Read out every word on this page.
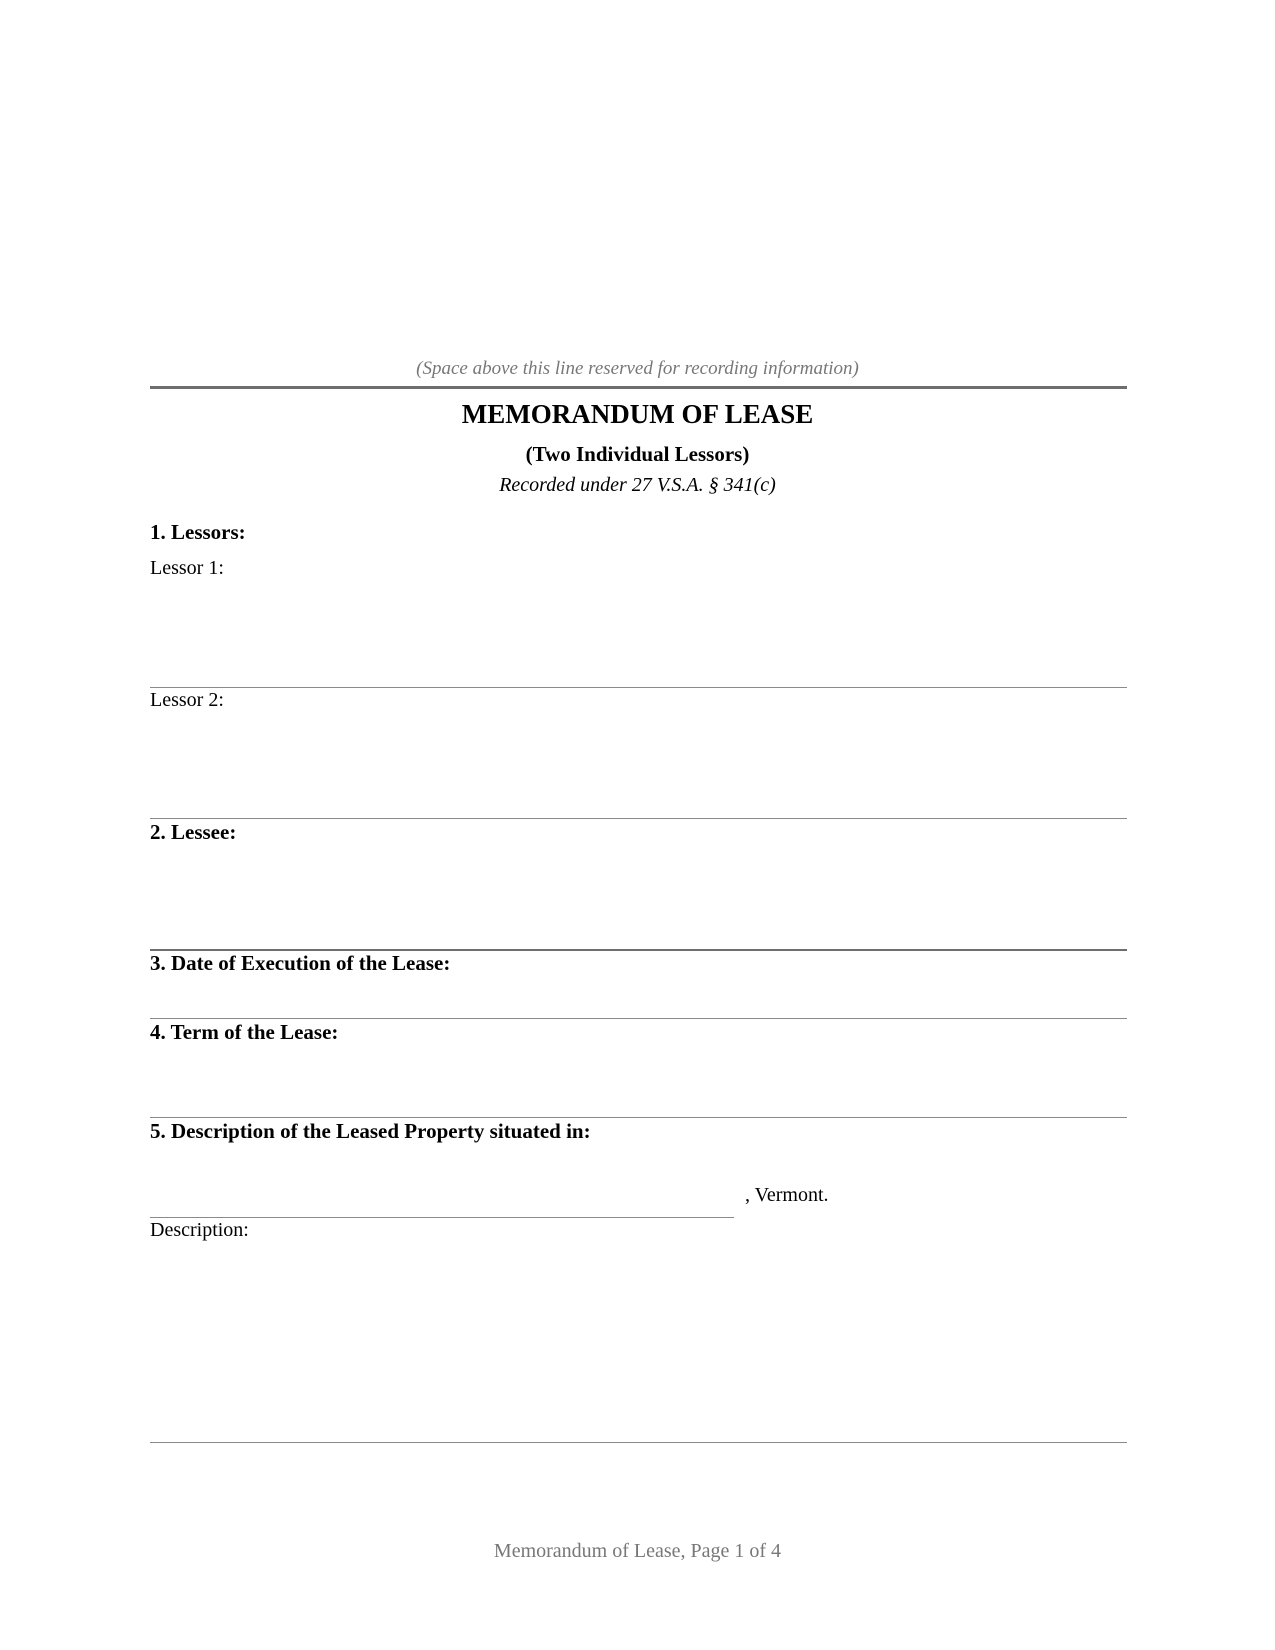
(Space above this line reserved for recording information)
MEMORANDUM OF LEASE
(Two Individual Lessors)
Recorded under 27 V.S.A. § 341(c)
1. Lessors:
Lessor 1:
Lessor 2:
2. Lessee:
3. Date of Execution of the Lease:
4. Term of the Lease:
5. Description of the Leased Property situated in:
, Vermont.
Description:
Memorandum of Lease, Page 1 of 4
